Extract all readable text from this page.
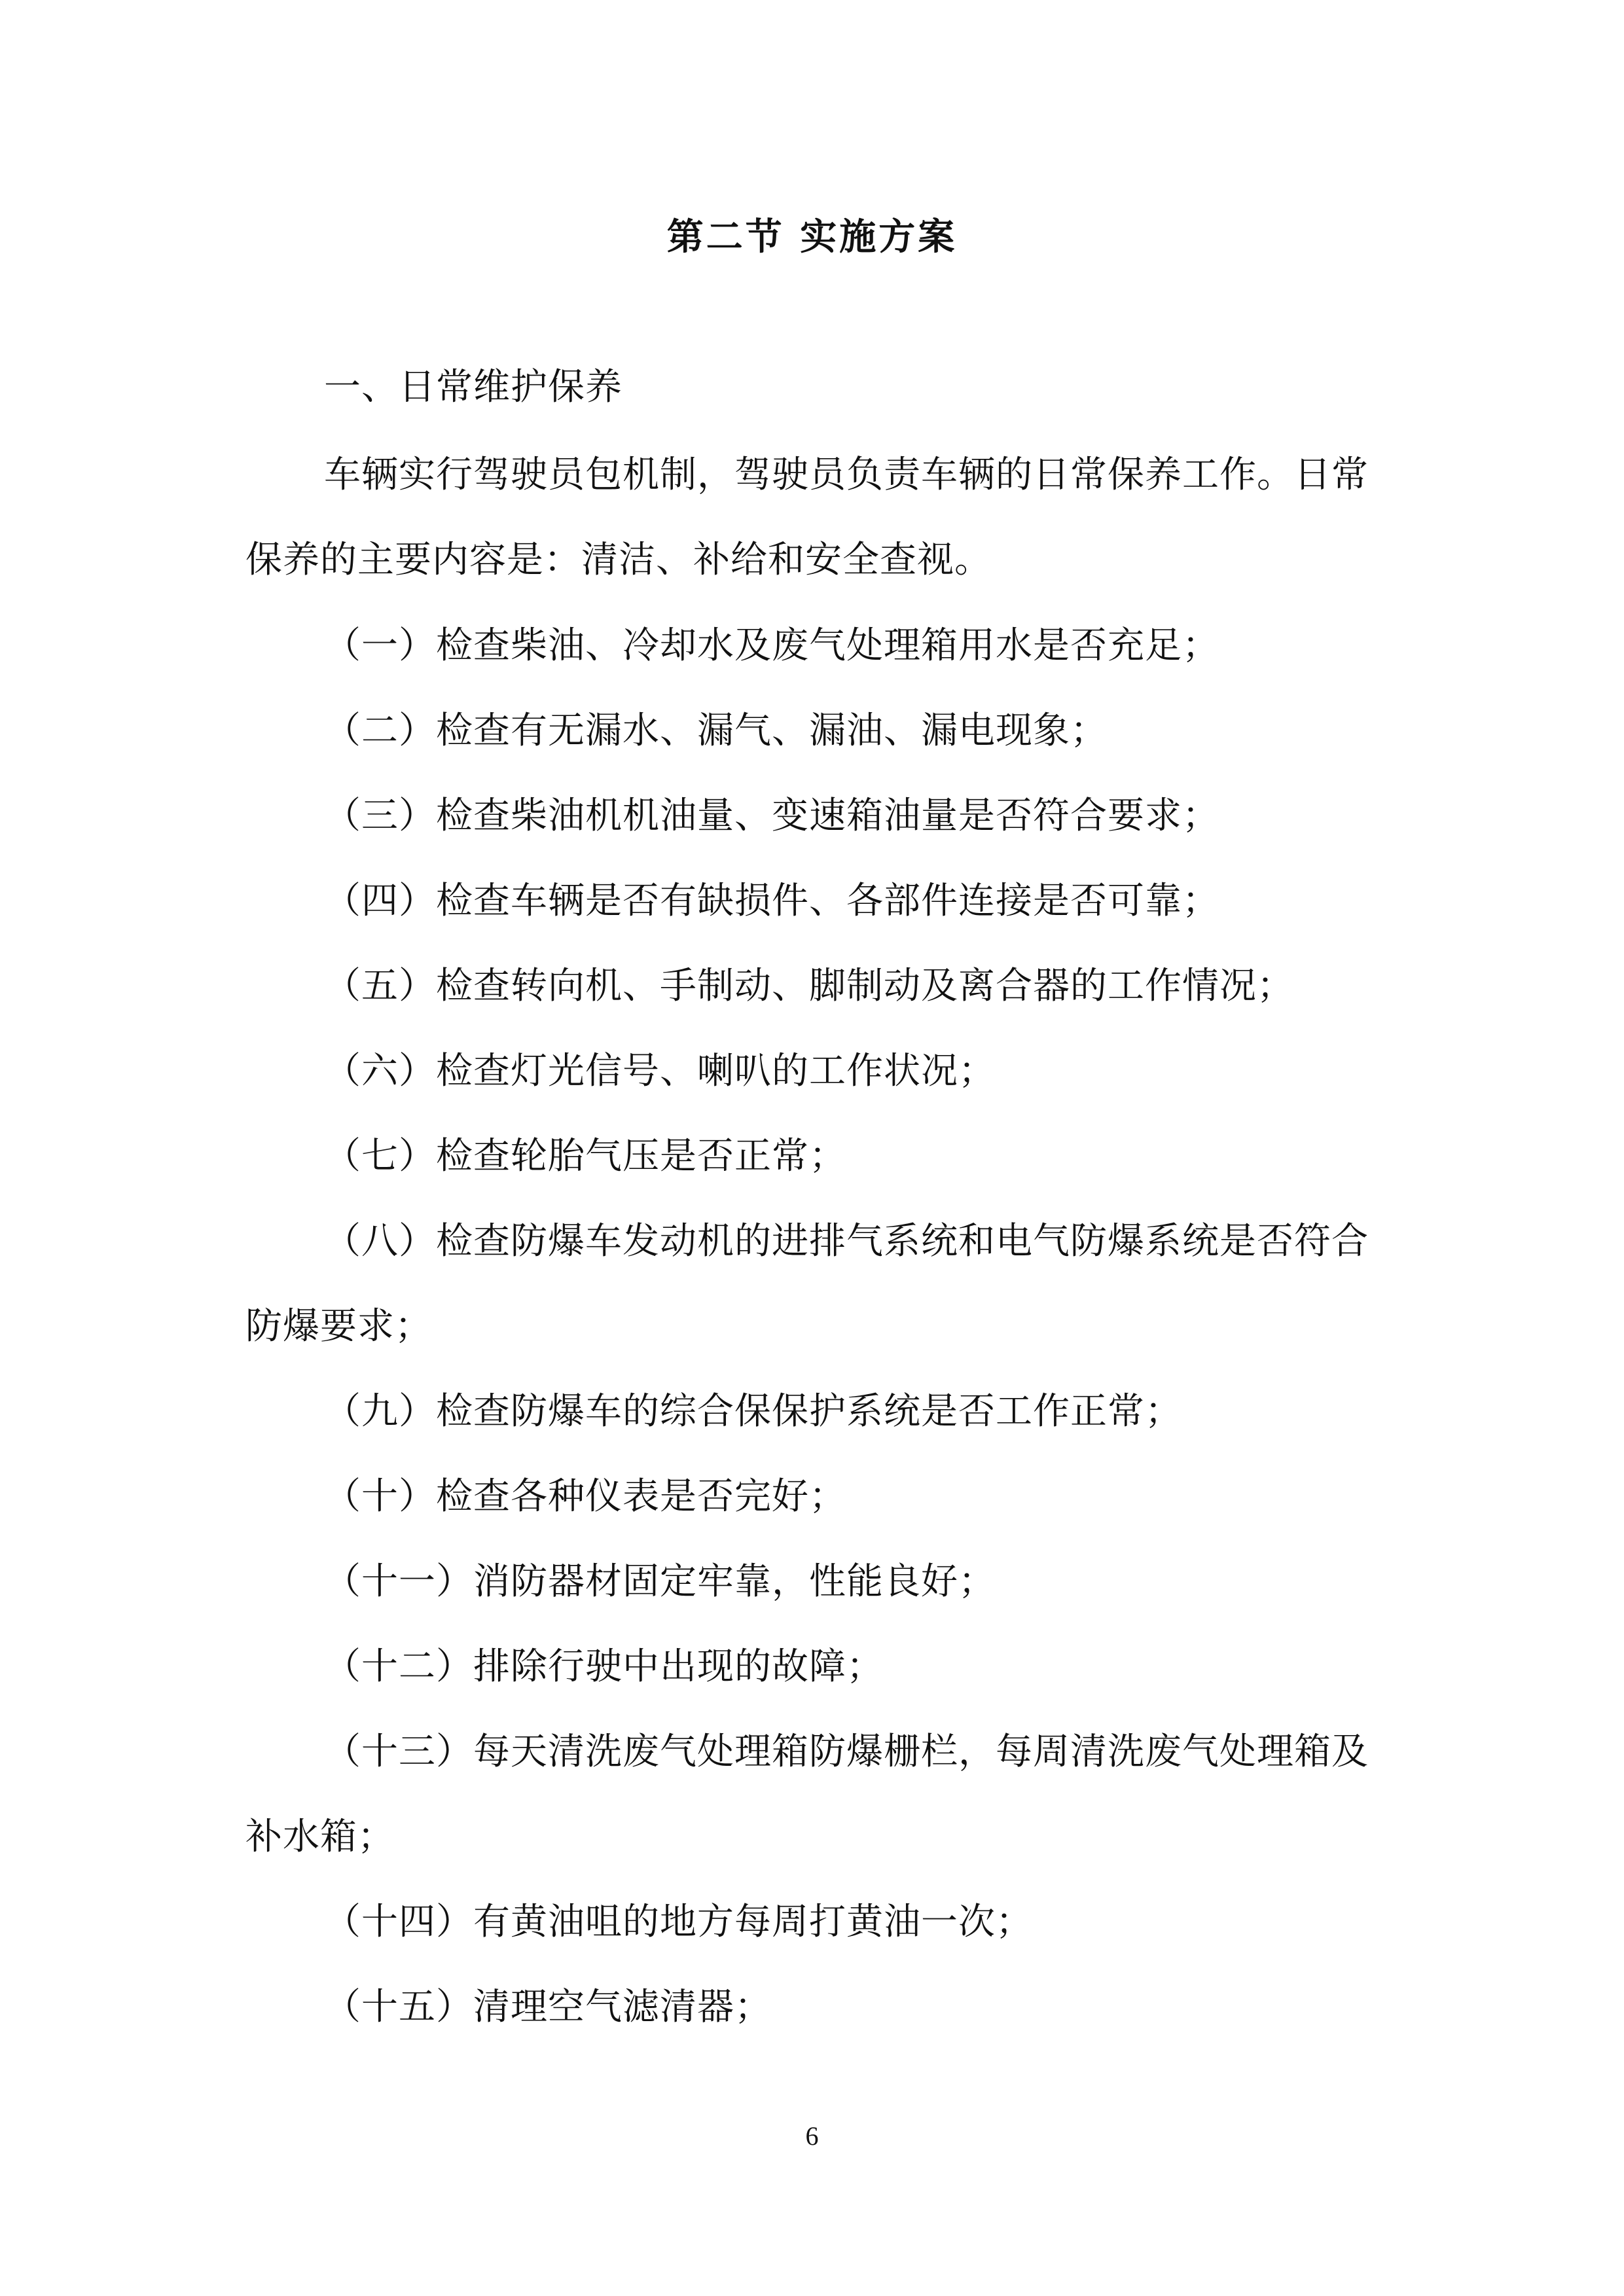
第二节 实施方案
一、日常维护保养
车辆实行驾驶员包机制，驾驶员负责车辆的日常保养工作。日常
保养的主要内容是：清洁、补给和安全查视。
（一）检查柴油、冷却水及废气处理箱用水是否充足；
（二）检查有无漏水、漏气、漏油、漏电现象；
（三）检查柴油机机油量、变速箱油量是否符合要求；
（四）检查车辆是否有缺损件、各部件连接是否可靠；
（五）检查转向机、手制动、脚制动及离合器的工作情况；
（六）检查灯光信号、喇叭的工作状况；
（七）检查轮胎气压是否正常；
（八）检查防爆车发动机的进排气系统和电气防爆系统是否符合
防爆要求；
（九）检查防爆车的综合保保护系统是否工作正常；
（十）检查各种仪表是否完好；
（十一）消防器材固定牢靠，性能良好；
（十二）排除行驶中出现的故障；
（十三）每天清洗废气处理箱防爆栅栏，每周清洗废气处理箱及
补水箱；
（十四）有黄油咀的地方每周打黄油一次；
（十五）清理空气滤清器；
6
